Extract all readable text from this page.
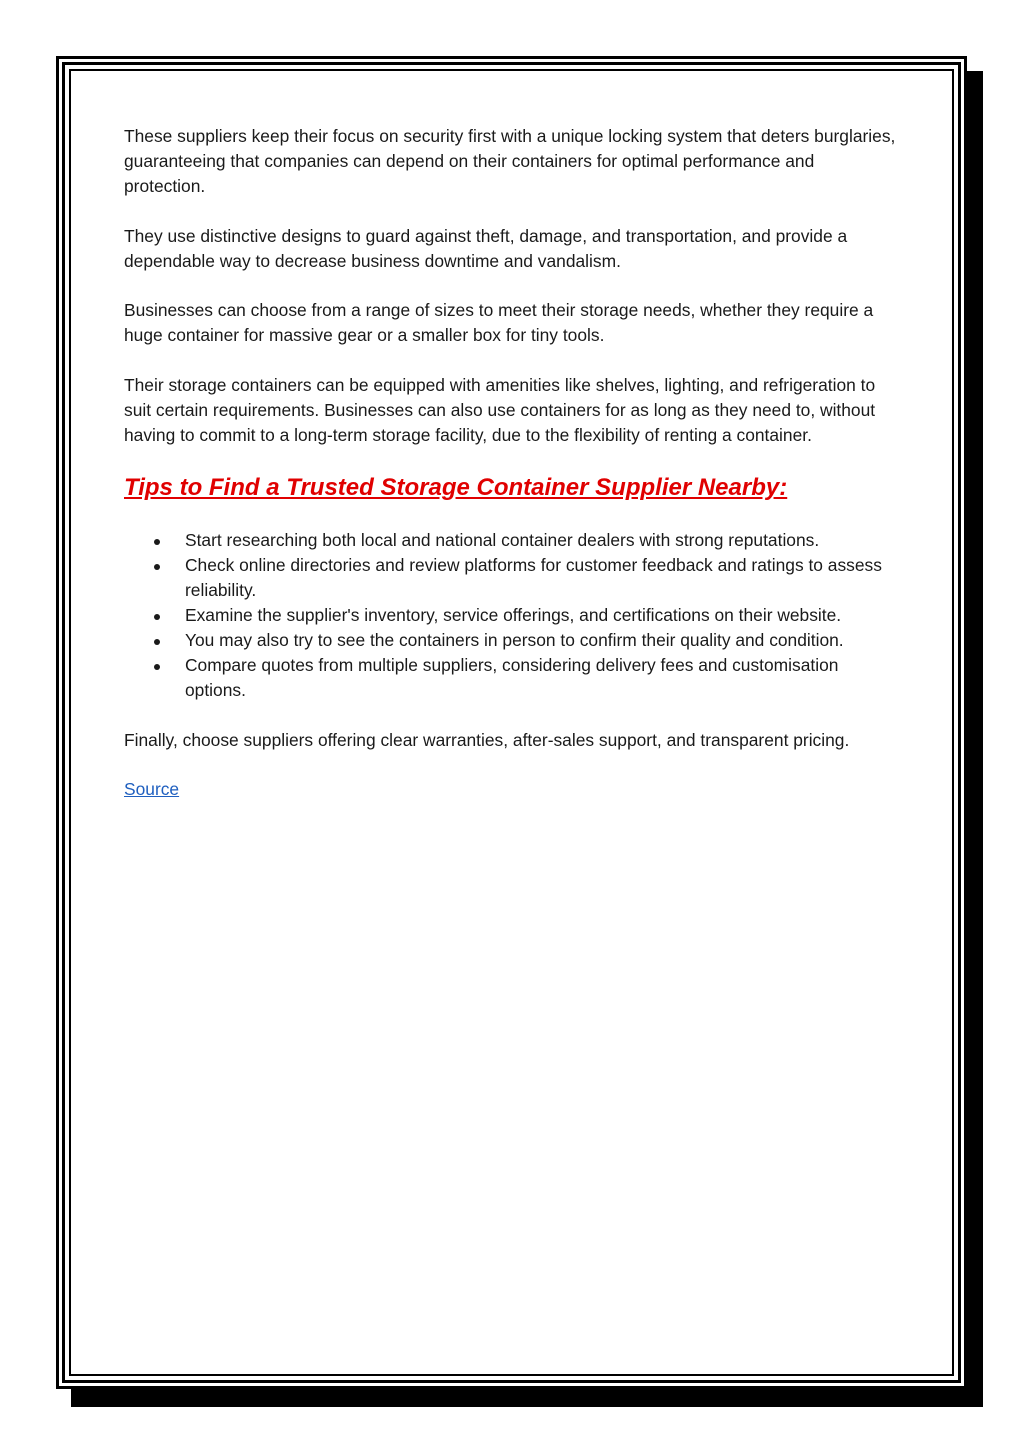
These suppliers keep their focus on security first with a unique locking system that deters burglaries, guaranteeing that companies can depend on their containers for optimal performance and protection.

They use distinctive designs to guard against theft, damage, and transportation, and provide a dependable way to decrease business downtime and vandalism.

Businesses can choose from a range of sizes to meet their storage needs, whether they require a huge container for massive gear or a smaller box for tiny tools.

Their storage containers can be equipped with amenities like shelves, lighting, and refrigeration to suit certain requirements. Businesses can also use containers for as long as they need to, without having to commit to a long-term storage facility, due to the flexibility of renting a container.

Tips to Find a Trusted Storage Container Supplier Nearby:
Start researching both local and national container dealers with strong reputations.
Check online directories and review platforms for customer feedback and ratings to assess reliability.
Examine the supplier's inventory, service offerings, and certifications on their website.
You may also try to see the containers in person to confirm their quality and condition.
Compare quotes from multiple suppliers, considering delivery fees and customisation options.

Finally, choose suppliers offering clear warranties, after-sales support, and transparent pricing.

Source
